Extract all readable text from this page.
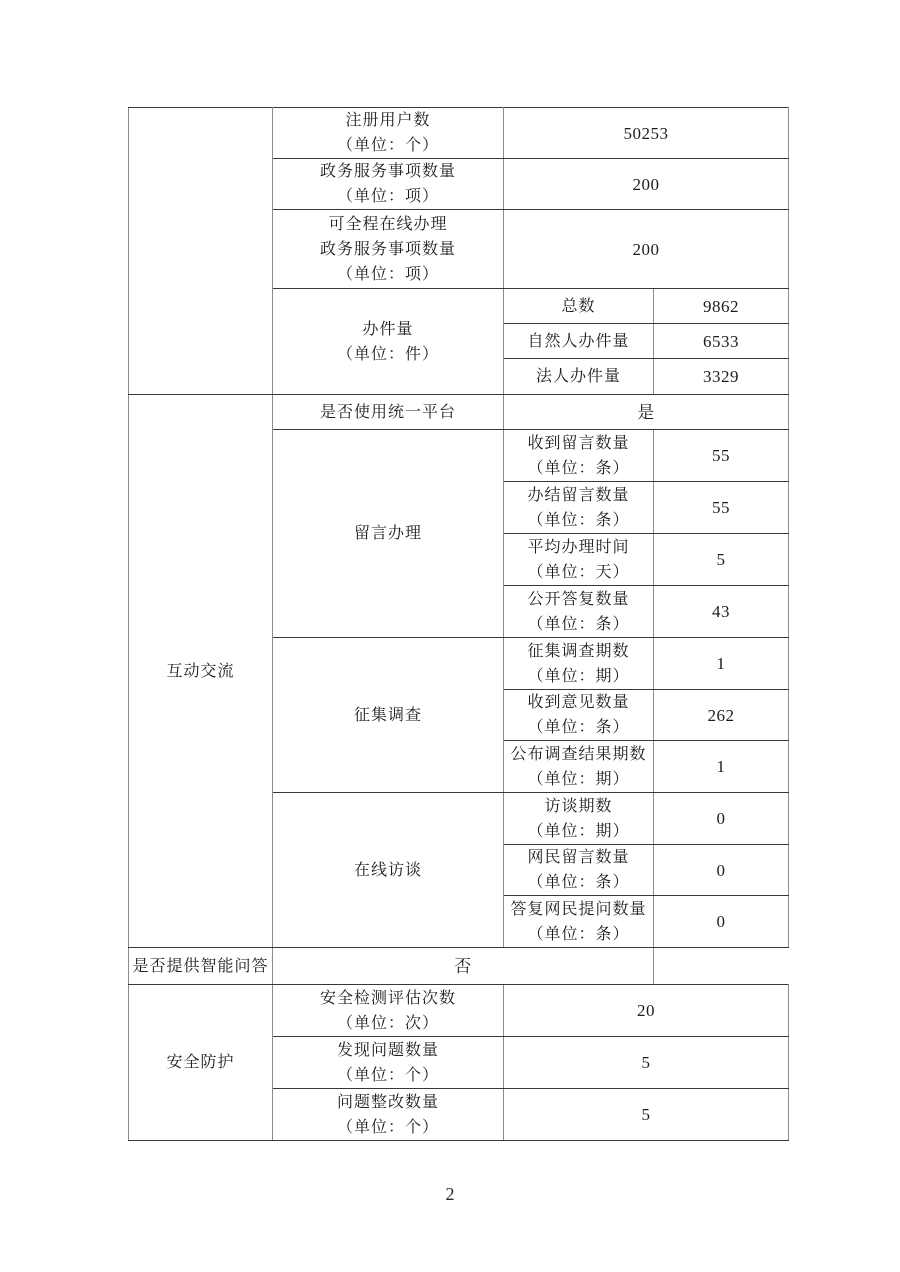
	注册用户数
（单位：个）	50253	

	政务服务事项数量
（单位：项）	200	

	可全程在线办理
政务服务事项数量
（单位：项）	200	

	办件量
（单位：件）	总数	9862
		自然人办件量	6533
		法人办件量	3329
互动交流	是否使用统一平台	是	
	留言办理	收到留言数量
（单位：条）	55

		办结留言数量
（单位：条）	55

		平均办理时间
（单位：天）	5

		公开答复数量
（单位：条）	43
	征集调查	征集调查期数
（单位：期）	1

		收到意见数量
（单位：条）	262

		公布调查结果期数
（单位：期）	1
	在线访谈	访谈期数
（单位：期）	0

		网民留言数量
（单位：条）	0

		答复网民提问数量
（单位：条）	0
是否提供智能问答	否		
安全防护	安全检测评估次数
（单位：次）	20	

	发现问题数量
（单位：个）	5	

	问题整改数量
（单位：个）	5	
2
